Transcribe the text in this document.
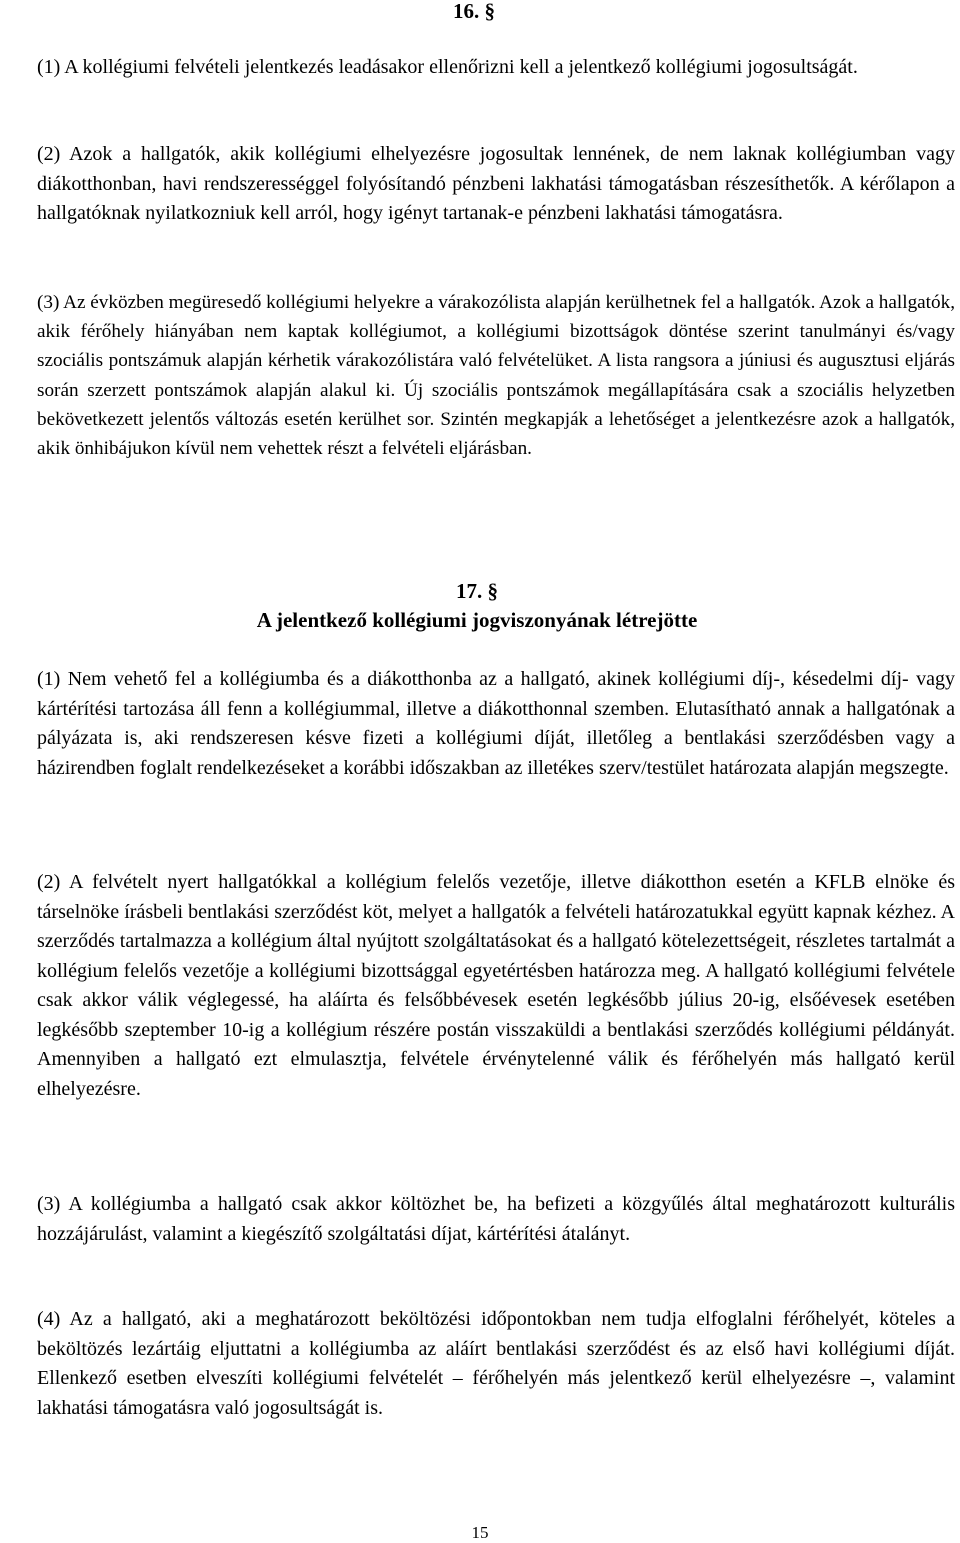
16. §

(1) A kollégiumi felvételi jelentkezés leadásakor ellenőrizni kell a jelentkező kollégiumi jogosultságát.

(2) Azok a hallgatók, akik kollégiumi elhelyezésre jogosultak lennének, de nem laknak kollégiumban vagy diákotthonban, havi rendszerességgel folyósítandó pénzbeni lakhatási támogatásban részesíthetők. A kérőlapon a hallgatóknak nyilatkozniuk kell arról, hogy igényt tartanak-e pénzbeni lakhatási támogatásra.

(3) Az évközben megüresedő kollégiumi helyekre a várakozólista alapján kerülhetnek fel a hallgatók. Azok a hallgatók, akik férőhely hiányában nem kaptak kollégiumot, a kollégiumi bizottságok döntése szerint tanulmányi és/vagy szociális pontszámuk alapján kérhetik várakozólistára való felvételüket. A lista rangsora a júniusi és augusztusi eljárás során szerzett pontszámok alapján alakul ki. Új szociális pontszámok megállapítására csak a szociális helyzetben bekövetkezett jelentős változás esetén kerülhet sor. Szintén megkapják a lehetőséget a jelentkezésre azok a hallgatók, akik önhibájukon kívül nem vehettek részt a felvételi eljárásban.

17. §
A jelentkező kollégiumi jogviszonyának létrejötte

(1) Nem vehető fel a kollégiumba és a diákotthonba az a hallgató, akinek kollégiumi díj-, késedelmi díj- vagy kártérítési tartozása áll fenn a kollégiummal, illetve a diákotthonnal szemben. Elutasítható annak a hallgatónak a pályázata is, aki rendszeresen késve fizeti a kollégiumi díját, illetőleg a bentlakási szerződésben vagy a házirendben foglalt rendelkezéseket a korábbi időszakban az illetékes szerv/testület határozata alapján megszegte.

(2) A felvételt nyert hallgatókkal a kollégium felelős vezetője, illetve diákotthon esetén a KFLB elnöke és társelnöke írásbeli bentlakási szerződést köt, melyet a hallgatók a felvételi határozatukkal együtt kapnak kézhez. A szerződés tartalmazza a kollégium által nyújtott szolgáltatásokat és a hallgató kötelezettségeit, részletes tartalmát a kollégium felelős vezetője a kollégiumi bizottsággal egyetértésben határozza meg. A hallgató kollégiumi felvétele csak akkor válik véglegessé, ha aláírta és felsőbbévesek esetén legkésőbb július 20-ig, elsőévesek esetében legkésőbb szeptember 10-ig a kollégium részére postán visszaküldi a bentlakási szerződés kollégiumi példányát. Amennyiben a hallgató ezt elmulasztja, felvétele érvénytelenné válik és férőhelyén más hallgató kerül elhelyezésre.

(3) A kollégiumba a hallgató csak akkor költözhet be, ha befizeti a közgyűlés által meghatározott kulturális hozzájárulást, valamint a kiegészítő szolgáltatási díjat, kártérítési átalányt.

(4) Az a hallgató, aki a meghatározott beköltözési időpontokban nem tudja elfoglalni férőhelyét, köteles a beköltözés lezártáig eljuttatni a kollégiumba az aláírt bentlakási szerződést és az első havi kollégiumi díját. Ellenkező esetben elveszíti kollégiumi felvételét – férőhelyén más jelentkező kerül elhelyezésre –, valamint lakhatási támogatásra való jogosultságát is.

15
